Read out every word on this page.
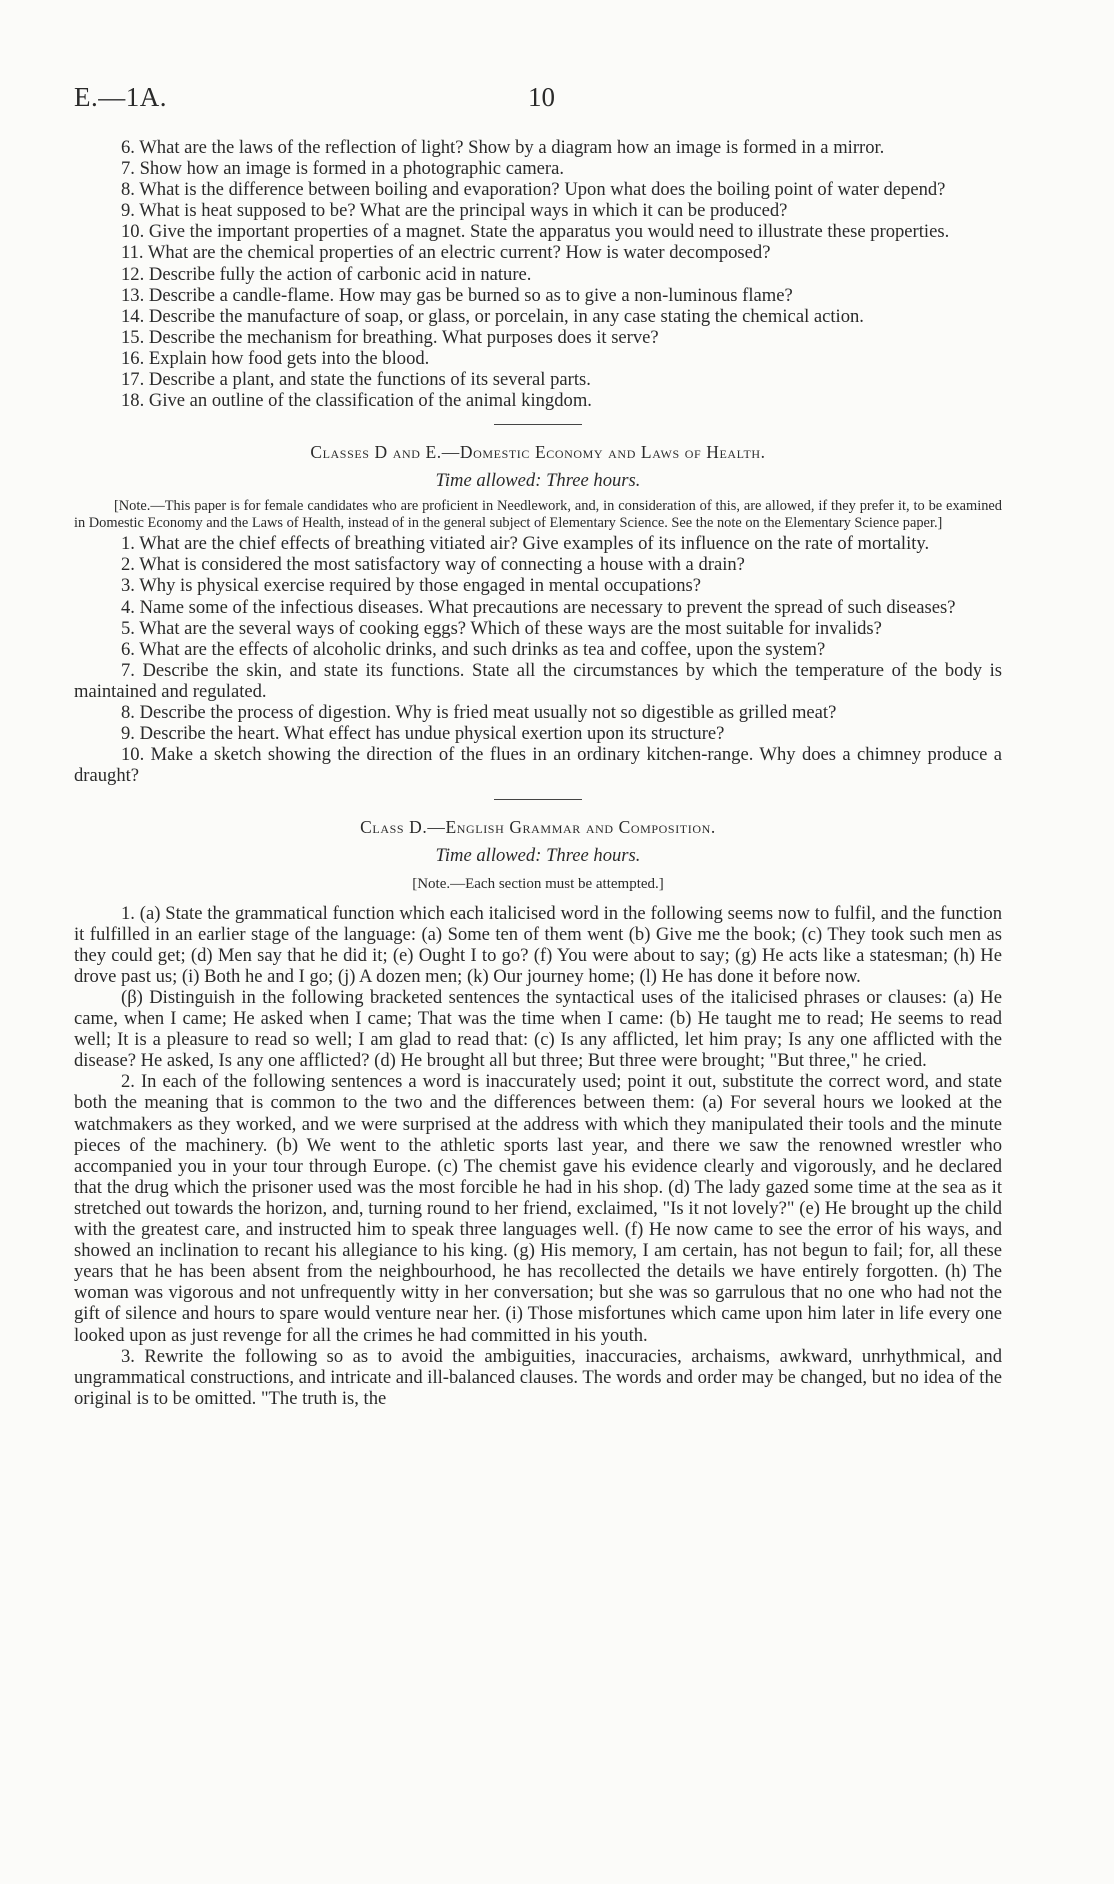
E.—1A.	10

6. What are the laws of the reflection of light? Show by a diagram how an image is formed in a mirror.

7. Show how an image is formed in a photographic camera.

8. What is the difference between boiling and evaporation? Upon what does the boiling point of water depend?

9. What is heat supposed to be? What are the principal ways in which it can be produced?

10. Give the important properties of a magnet. State the apparatus you would need to illustrate these properties.

11. What are the chemical properties of an electric current? How is water decomposed?

12. Describe fully the action of carbonic acid in nature.

13. Describe a candle-flame. How may gas be burned so as to give a non-luminous flame?

14. Describe the manufacture of soap, or glass, or porcelain, in any case stating the chemical action.

15. Describe the mechanism for breathing. What purposes does it serve?

16. Explain how food gets into the blood.

17. Describe a plant, and state the functions of its several parts.

18. Give an outline of the classification of the animal kingdom.

Classes D and E.—Domestic Economy and Laws of Health.

Time allowed: Three hours.

[Note.—This paper is for female candidates who are proficient in Needlework, and, in consideration of this, are allowed, if they prefer it, to be examined in Domestic Economy and the Laws of Health, instead of in the general subject of Elementary Science. See the note on the Elementary Science paper.]

1. What are the chief effects of breathing vitiated air? Give examples of its influence on the rate of mortality.

2. What is considered the most satisfactory way of connecting a house with a drain?

3. Why is physical exercise required by those engaged in mental occupations?

4. Name some of the infectious diseases. What precautions are necessary to prevent the spread of such diseases?

5. What are the several ways of cooking eggs? Which of these ways are the most suitable for invalids?

6. What are the effects of alcoholic drinks, and such drinks as tea and coffee, upon the system?

7. Describe the skin, and state its functions. State all the circumstances by which the temperature of the body is maintained and regulated.

8. Describe the process of digestion. Why is fried meat usually not so digestible as grilled meat?

9. Describe the heart. What effect has undue physical exertion upon its structure?

10. Make a sketch showing the direction of the flues in an ordinary kitchen-range. Why does a chimney produce a draught?

Class D.—English Grammar and Composition.

Time allowed: Three hours.

[Note.—Each section must be attempted.]

1. (a) State the grammatical function which each italicised word in the following seems now to fulfil, and the function it fulfilled in an earlier stage of the language: (a) Some ten of them went (b) Give me the book; (c) They took such men as they could get; (d) Men say that he did it; (e) Ought I to go? (f) You were about to say; (g) He acts like a statesman; (h) He drove past us; (i) Both he and I go; (j) A dozen men; (k) Our journey home; (l) He has done it before now.

(β) Distinguish in the following bracketed sentences the syntactical uses of the italicised phrases or clauses: (a) He came, when I came; He asked when I came; That was the time when I came: (b) He taught me to read; He seems to read well; It is a pleasure to read so well; I am glad to read that: (c) Is any afflicted, let him pray; Is any one afflicted with the disease? He asked, Is any one afflicted? (d) He brought all but three; But three were brought; "But three," he cried.

2. In each of the following sentences a word is inaccurately used; point it out, substitute the correct word, and state both the meaning that is common to the two and the differences between them: (a) For several hours we looked at the watchmakers as they worked, and we were surprised at the address with which they manipulated their tools and the minute pieces of the machinery. (b) We went to the athletic sports last year, and there we saw the renowned wrestler who accompanied you in your tour through Europe. (c) The chemist gave his evidence clearly and vigorously, and he declared that the drug which the prisoner used was the most forcible he had in his shop. (d) The lady gazed some time at the sea as it stretched out towards the horizon, and, turning round to her friend, exclaimed, "Is it not lovely?" (e) He brought up the child with the greatest care, and instructed him to speak three languages well. (f) He now came to see the error of his ways, and showed an inclination to recant his allegiance to his king. (g) His memory, I am certain, has not begun to fail; for, all these years that he has been absent from the neighbourhood, he has recollected the details we have entirely forgotten. (h) The woman was vigorous and not unfrequently witty in her conversation; but she was so garrulous that no one who had not the gift of silence and hours to spare would venture near her. (i) Those misfortunes which came upon him later in life every one looked upon as just revenge for all the crimes he had committed in his youth.

3. Rewrite the following so as to avoid the ambiguities, inaccuracies, archaisms, awkward, unrhythmical, and ungrammatical constructions, and intricate and ill-balanced clauses. The words and order may be changed, but no idea of the original is to be omitted. "The truth is, the
